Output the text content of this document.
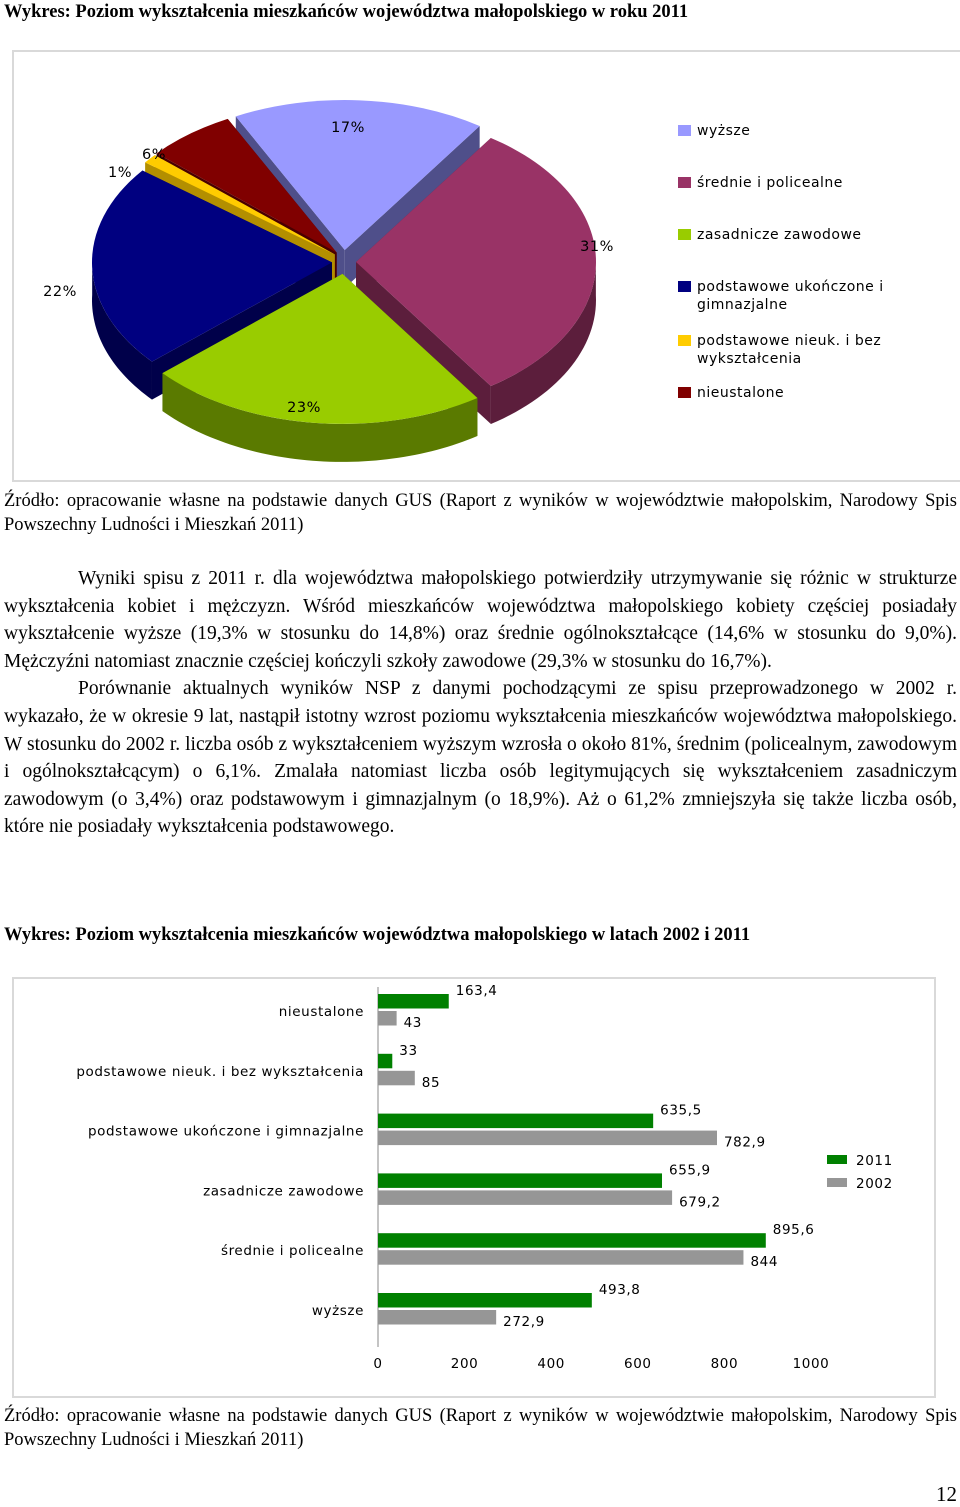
Wykres: Poziom wykształcenia mieszkańców województwa małopolskiego w roku 2011
17%
31%
23%
22%
1%
6%
wyższe
średnie i policealne
zasadnicze zawodowe
podstawowe ukończone i gimnazjalne
podstawowe nieuk. i bez wykształcenia
nieustalone
Źródło: opracowanie własne na podstawie danych GUS (Raport z wyników w województwie małopolskim, Narodowy Spis Powszechny Ludności i Mieszkań 2011)

Wyniki spisu z 2011 r. dla województwa małopolskiego potwierdziły utrzymywanie się różnic w strukturze wykształcenia kobiet i mężczyzn. Wśród mieszkańców województwa małopolskiego kobiety częściej posiadały wykształcenie wyższe (19,3% w stosunku do 14,8%) oraz średnie ogólnokształcące (14,6% w stosunku do 9,0%). Mężczyźni natomiast znacznie częściej kończyli szkoły zawodowe (29,3% w stosunku do 16,7%).

Porównanie aktualnych wyników NSP z danymi pochodzącymi ze spisu przeprowadzonego w 2002 r. wykazało, że w okresie 9 lat, nastąpił istotny wzrost poziomu wykształcenia mieszkańców województwa małopolskiego. W stosunku do 2002 r. liczba osób z wykształceniem wyższym wzrosła o około 81%, średnim (policealnym, zawodowym i ogólnokształcącym) o 6,1%. Zmalała natomiast liczba osób legitymujących się wykształceniem zasadniczym zawodowym (o 3,4%) oraz podstawowym i gimnazjalnym (o 18,9%). Aż o 61,2% zmniejszyła się także liczba osób, które nie posiadały wykształcenia podstawowego.

Wykres: Poziom wykształcenia mieszkańców województwa małopolskiego w latach 2002 i 2011
163,4
43
33
85
635,5
782,9
655,9
679,2
895,6
844
493,8
272,9
nieustalone
podstawowe nieuk. i bez wykształcenia
podstawowe ukończone i gimnazjalne
zasadnicze zawodowe
średnie i policealne
wyższe
0	200	400	600	800	1000
2011
2002
Źródło: opracowanie własne na podstawie danych GUS (Raport z wyników w województwie małopolskim, Narodowy Spis Powszechny Ludności i Mieszkań 2011)
12
